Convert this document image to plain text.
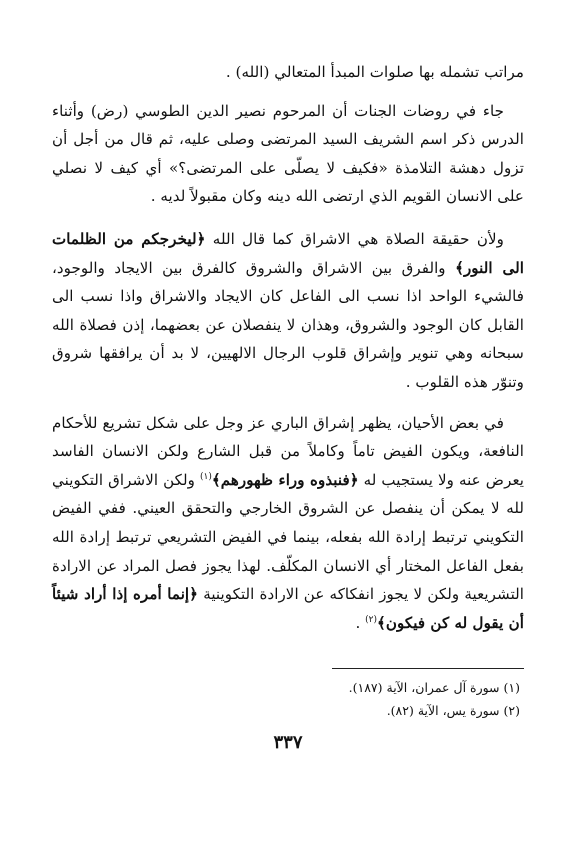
مراتب تشمله بها صلوات المبدأ المتعالي (الله) .

جاء في روضات الجنات أن المرحوم نصير الدين الطوسي (رض) وأثناء الدرس ذكر اسم الشريف السيد المرتضى وصلى عليه، ثم قال من أجل أن تزول دهشة التلامذة «فكيف لا يصلّى على المرتضى؟» أي كيف لا نصلي على الانسان القويم الذي ارتضى الله دينه وكان مقبولاً لديه .

ولأن حقيقة الصلاة هي الاشراق كما قال الله ﴿ليخرجكم من الظلمات الى النور﴾ والفرق بين الاشراق والشروق كالفرق بين الايجاد والوجود، فالشيء الواحد اذا نسب الى الفاعل كان الايجاد والاشراق واذا نسب الى القابل كان الوجود والشروق، وهذان لا ينفصلان عن بعضهما، إذن فصلاة الله سبحانه وهي تنوير وإشراق قلوب الرجال الالهيين، لا بد أن يرافقها شروق وتنوّر هذه القلوب .

في بعض الأحيان، يظهر إشراق الباري عز وجل على شكل تشريع للأحكام النافعة، ويكون الفيض تاماً وكاملاً من قبل الشارع ولكن الانسان الفاسد يعرض عنه ولا يستجيب له ﴿فنبذوه وراء ظهورهم﴾$^{(١)}$ ولكن الاشراق التكويني لله لا يمكن أن ينفصل عن الشروق الخارجي والتحقق العيني. ففي الفيض التكويني ترتبط إرادة الله بفعله، بينما في الفيض التشريعي ترتبط إرادة الله بفعل الفاعل المختار أي الانسان المكلّف. لهذا يجوز فصل المراد عن الارادة التشريعية ولكن لا يجوز انفكاكه عن الارادة التكوينية ﴿إنما أمره إذا أراد شيئاً أن يقول له كن فيكون﴾$^{(٢)}$ .

(١) سورة آل عمران، الآية (١٨٧).
(٢) سورة يس، الآية (٨٢).
٣٣٧
